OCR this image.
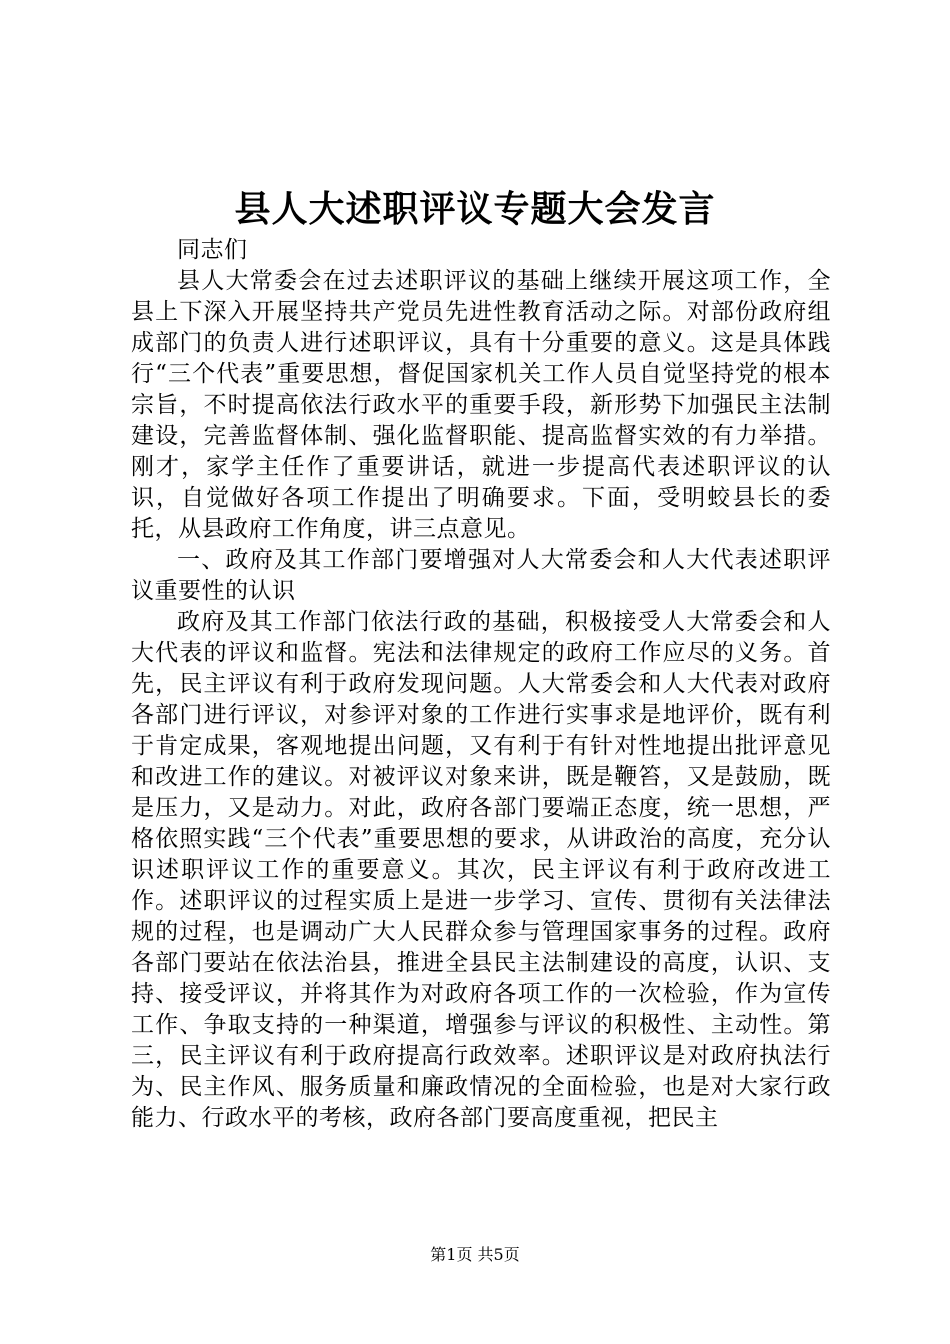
县人大述职评议专题大会发言

同志们

县人大常委会在过去述职评议的基础上继续开展这项工作，全县上下深入开展坚持共产党员先进性教育活动之际。对部份政府组成部门的负责人进行述职评议，具有十分重要的意义。这是具体践行“三个代表”重要思想，督促国家机关工作人员自觉坚持党的根本宗旨，不时提高依法行政水平的重要手段，新形势下加强民主法制建设，完善监督体制、强化监督职能、提高监督实效的有力举措。刚才，家学主任作了重要讲话，就进一步提高代表述职评议的认识，自觉做好各项工作提出了明确要求。下面，受明蛟县长的委托，从县政府工作角度，讲三点意见。

一、政府及其工作部门要增强对人大常委会和人大代表述职评议重要性的认识

政府及其工作部门依法行政的基础，积极接受人大常委会和人大代表的评议和监督。宪法和法律规定的政府工作应尽的义务。首先，民主评议有利于政府发现问题。人大常委会和人大代表对政府各部门进行评议，对参评对象的工作进行实事求是地评价，既有利于肯定成果，客观地提出问题，又有利于有针对性地提出批评意见和改进工作的建议。对被评议对象来讲，既是鞭笞，又是鼓励，既是压力，又是动力。对此，政府各部门要端正态度，统一思想，严格依照实践“三个代表”重要思想的要求，从讲政治的高度，充分认识述职评议工作的重要意义。其次，民主评议有利于政府改进工作。述职评议的过程实质上是进一步学习、宣传、贯彻有关法律法规的过程，也是调动广大人民群众参与管理国家事务的过程。政府各部门要站在依法治县，推进全县民主法制建设的高度，认识、支持、接受评议，并将其作为对政府各项工作的一次检验，作为宣传工作、争取支持的一种渠道，增强参与评议的积极性、主动性。第三，民主评议有利于政府提高行政效率。述职评议是对政府执法行为、民主作风、服务质量和廉政情况的全面检验，也是对大家行政能力、行政水平的考核，政府各部门要高度重视，把民主

第1页 共5页
